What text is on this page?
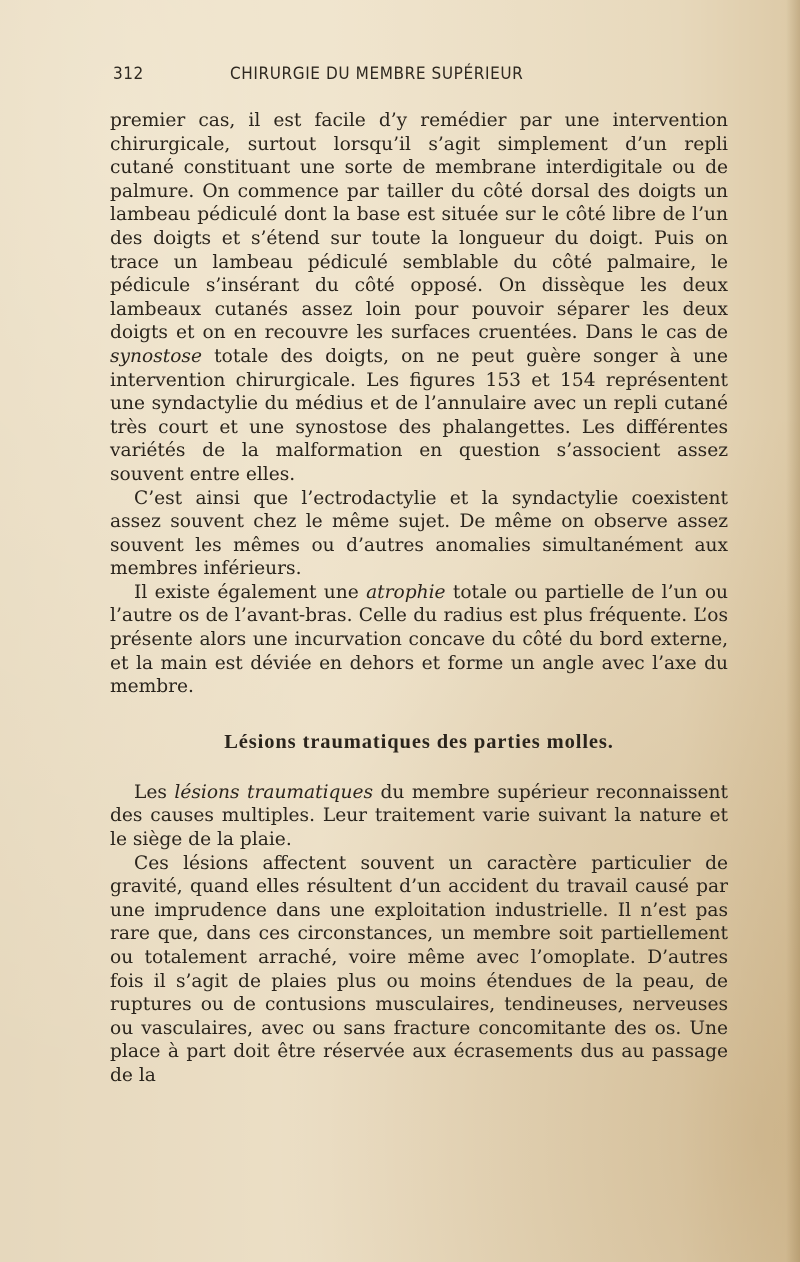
312	CHIRURGIE DU MEMBRE SUPÉRIEUR

premier cas, il est facile d’y remédier par une intervention chirurgicale, surtout lorsqu’il s’agit simplement d’un repli cutané constituant une sorte de membrane interdigitale ou de palmure. On commence par tailler du côté dorsal des doigts un lambeau pédiculé dont la base est située sur le côté libre de l’un des doigts et s’étend sur toute la longueur du doigt. Puis on trace un lambeau pédiculé semblable du côté palmaire, le pédicule s’insérant du côté opposé. On dissèque les deux lambeaux cutanés assez loin pour pouvoir séparer les deux doigts et on en recouvre les surfaces cruentées. Dans le cas de synostose totale des doigts, on ne peut guère songer à une intervention chirurgicale. Les figures 153 et 154 représentent une syndactylie du médius et de l’annulaire avec un repli cutané très court et une synostose des phalangettes. Les différentes variétés de la malformation en question s’associent assez souvent entre elles.

C’est ainsi que l’ectrodactylie et la syndactylie coexistent assez souvent chez le même sujet. De même on observe assez souvent les mêmes ou d’autres anomalies simultanément aux membres inférieurs.

Il existe également une atrophie totale ou partielle de l’un ou l’autre os de l’avant-bras. Celle du radius est plus fréquente. L’os présente alors une incurvation concave du côté du bord externe, et la main est déviée en dehors et forme un angle avec l’axe du membre.

Lésions traumatiques des parties molles.

Les lésions traumatiques du membre supérieur reconnaissent des causes multiples. Leur traitement varie suivant la nature et le siège de la plaie.

Ces lésions affectent souvent un caractère particulier de gravité, quand elles résultent d’un accident du travail causé par une imprudence dans une exploitation industrielle. Il n’est pas rare que, dans ces circonstances, un membre soit partiellement ou totalement arraché, voire même avec l’omoplate. D’autres fois il s’agit de plaies plus ou moins étendues de la peau, de ruptures ou de contusions musculaires, tendineuses, nerveuses ou vasculaires, avec ou sans fracture concomitante des os. Une place à part doit être réservée aux écrasements dus au passage de la
